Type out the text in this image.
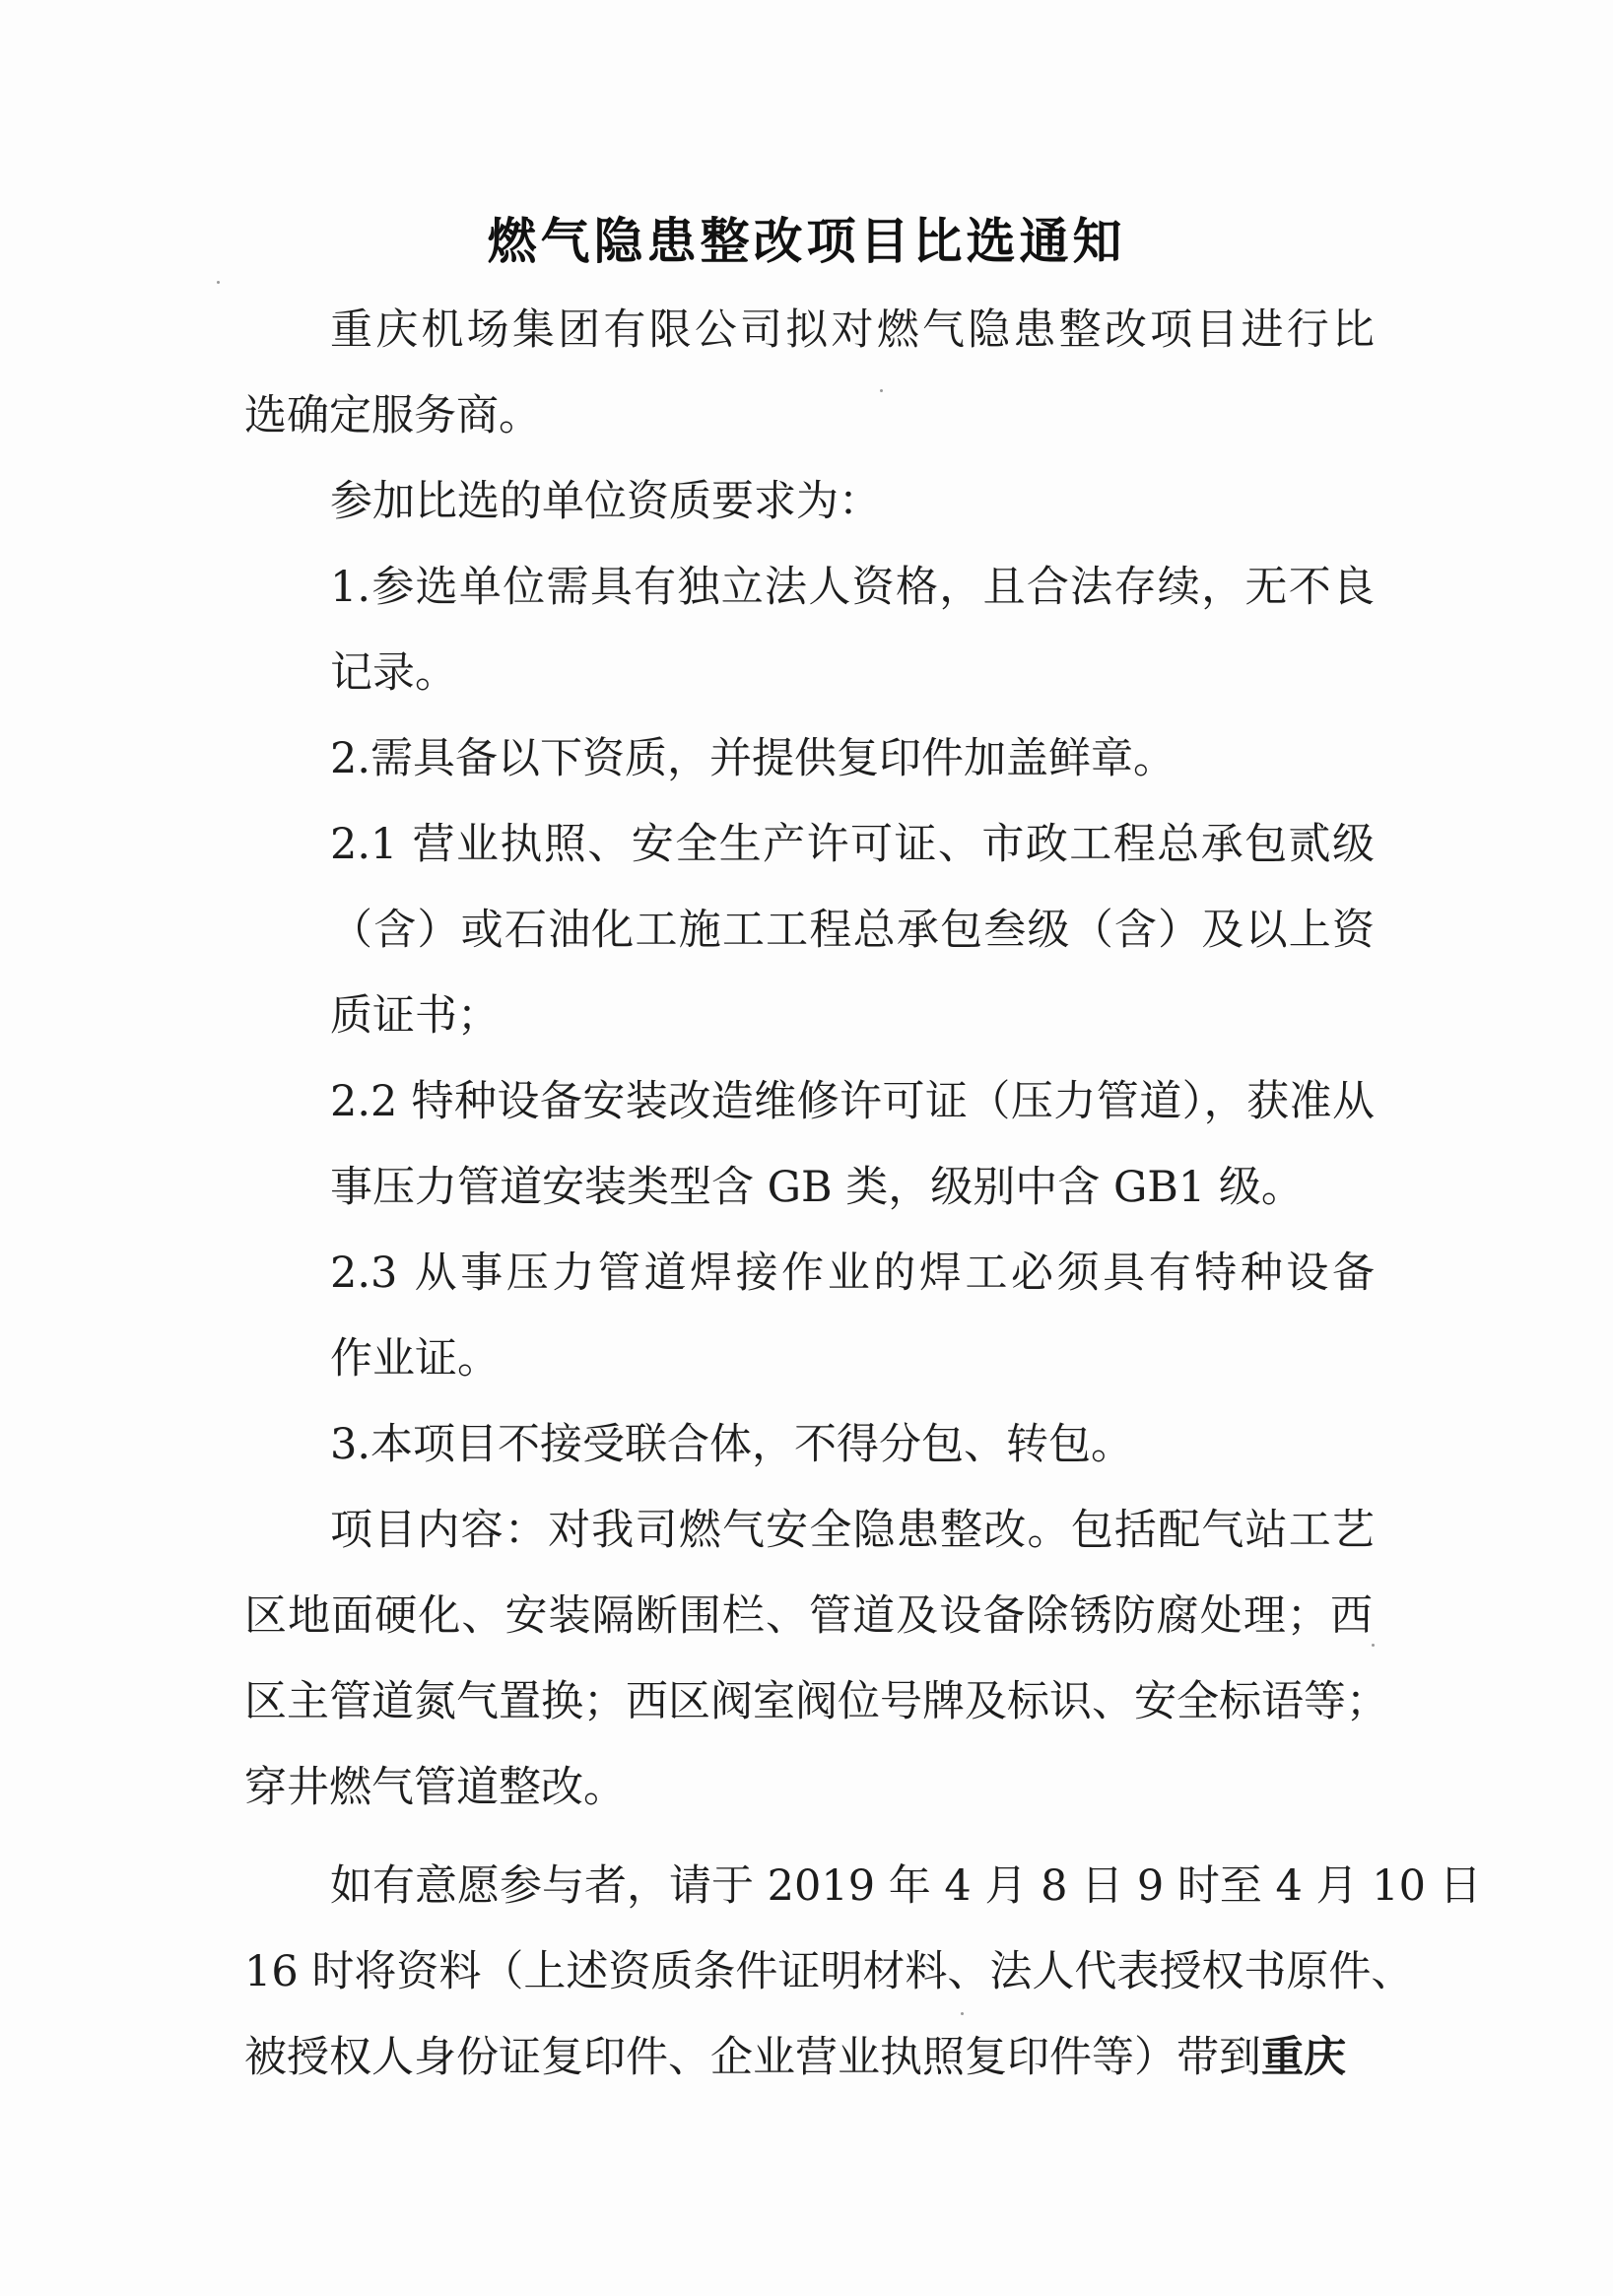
燃气隐患整改项目比选通知

重庆机场集团有限公司拟对燃气隐患整改项目进行比

选确定服务商。

参加比选的单位资质要求为：

1.参选单位需具有独立法人资格，且合法存续，无不良

记录。

2.需具备以下资质，并提供复印件加盖鲜章。

2.1 营业执照、安全生产许可证、市政工程总承包贰级

（含）或石油化工施工工程总承包叁级（含）及以上资

质证书；

2.2 特种设备安装改造维修许可证（压力管道），获准从

事压力管道安装类型含 GB 类，级别中含 GB1 级。

2.3 从事压力管道焊接作业的焊工必须具有特种设备

作业证。

3.本项目不接受联合体，不得分包、转包。

项目内容：对我司燃气安全隐患整改。包括配气站工艺

区地面硬化、安装隔断围栏、管道及设备除锈防腐处理；西

区主管道氮气置换；西区阀室阀位号牌及标识、安全标语等；

穿井燃气管道整改。

如有意愿参与者，请于 2019 年 4 月 8 日 9 时至 4 月 10 日

16 时将资料（上述资质条件证明材料、法人代表授权书原件、

被授权人身份证复印件、企业营业执照复印件等）带到重庆
